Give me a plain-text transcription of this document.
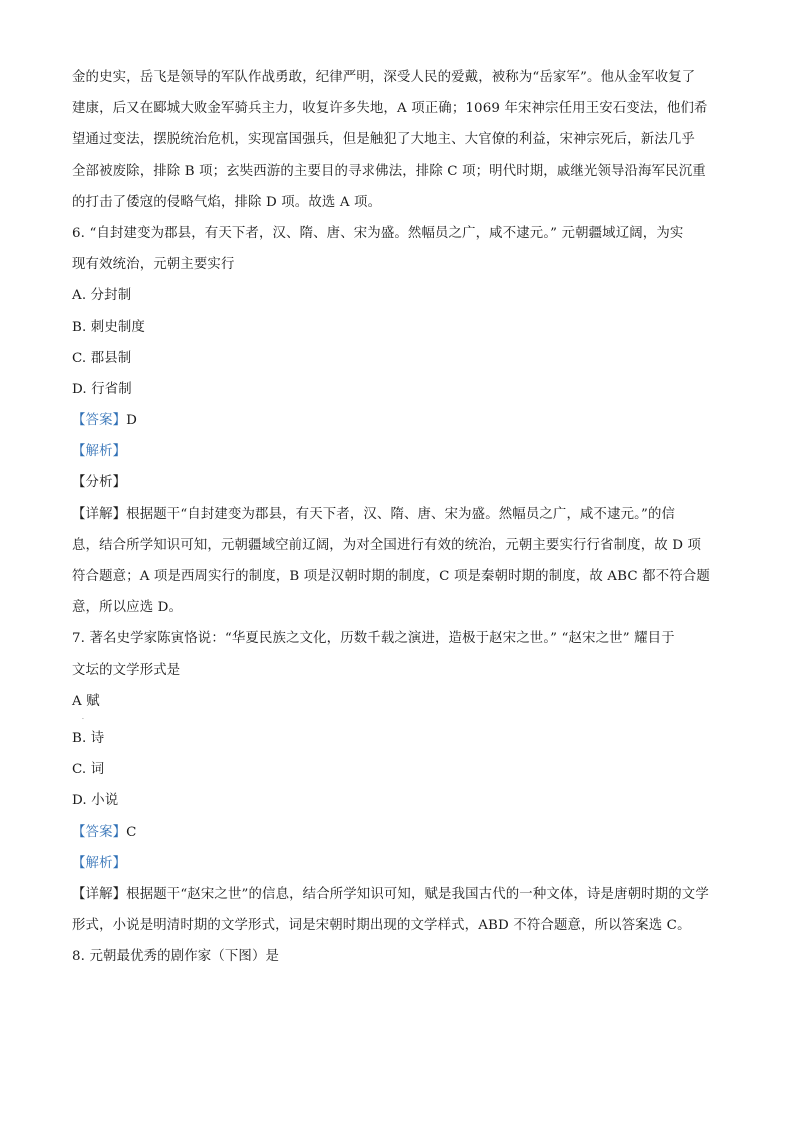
金的史实，岳飞是领导的军队作战勇敢，纪律严明，深受人民的爱戴，被称为“岳家军”。他从金军收复了
建康，后又在郾城大败金军骑兵主力，收复许多失地，A 项正确；1069 年宋神宗任用王安石变法，他们希
望通过变法，摆脱统治危机，实现富国强兵，但是触犯了大地主、大官僚的利益，宋神宗死后，新法几乎
全部被废除，排除 B 项；玄奘西游的主要目的寻求佛法，排除 C 项；明代时期，戚继光领导沿海军民沉重
的打击了倭寇的侵略气焰，排除 D 项。故选 A 项。
6. “自封建变为郡县，有天下者，汉、隋、唐、宋为盛。然幅员之广，咸不逮元。” 元朝疆域辽阔，为实
现有效统治，元朝主要实行
A. 分封制
B. 刺史制度
C. 郡县制
D. 行省制
【答案】D
【解析】
【分析】
【详解】根据题干“自封建变为郡县，有天下者，汉、隋、唐、宋为盛。然幅员之广，咸不逮元。”的信
息，结合所学知识可知，元朝疆域空前辽阔，为对全国进行有效的统治，元朝主要实行行省制度，故 D 项
符合题意；A 项是西周实行的制度，B 项是汉朝时期的制度，C 项是秦朝时期的制度，故 ABC 都不符合题
意，所以应选 D。
7. 著名史学家陈寅恪说：“华夏民族之文化，历数千载之演进，造极于赵宋之世。” “赵宋之世” 耀目于
文坛的文学形式是
A 赋
·
B. 诗
C. 词
D. 小说
【答案】C
【解析】
【详解】根据题干“赵宋之世”的信息，结合所学知识可知，赋是我国古代的一种文体，诗是唐朝时期的文学
形式，小说是明清时期的文学形式，词是宋朝时期出现的文学样式，ABD 不符合题意，所以答案选 C。
8. 元朝最优秀的剧作家（下图）是
